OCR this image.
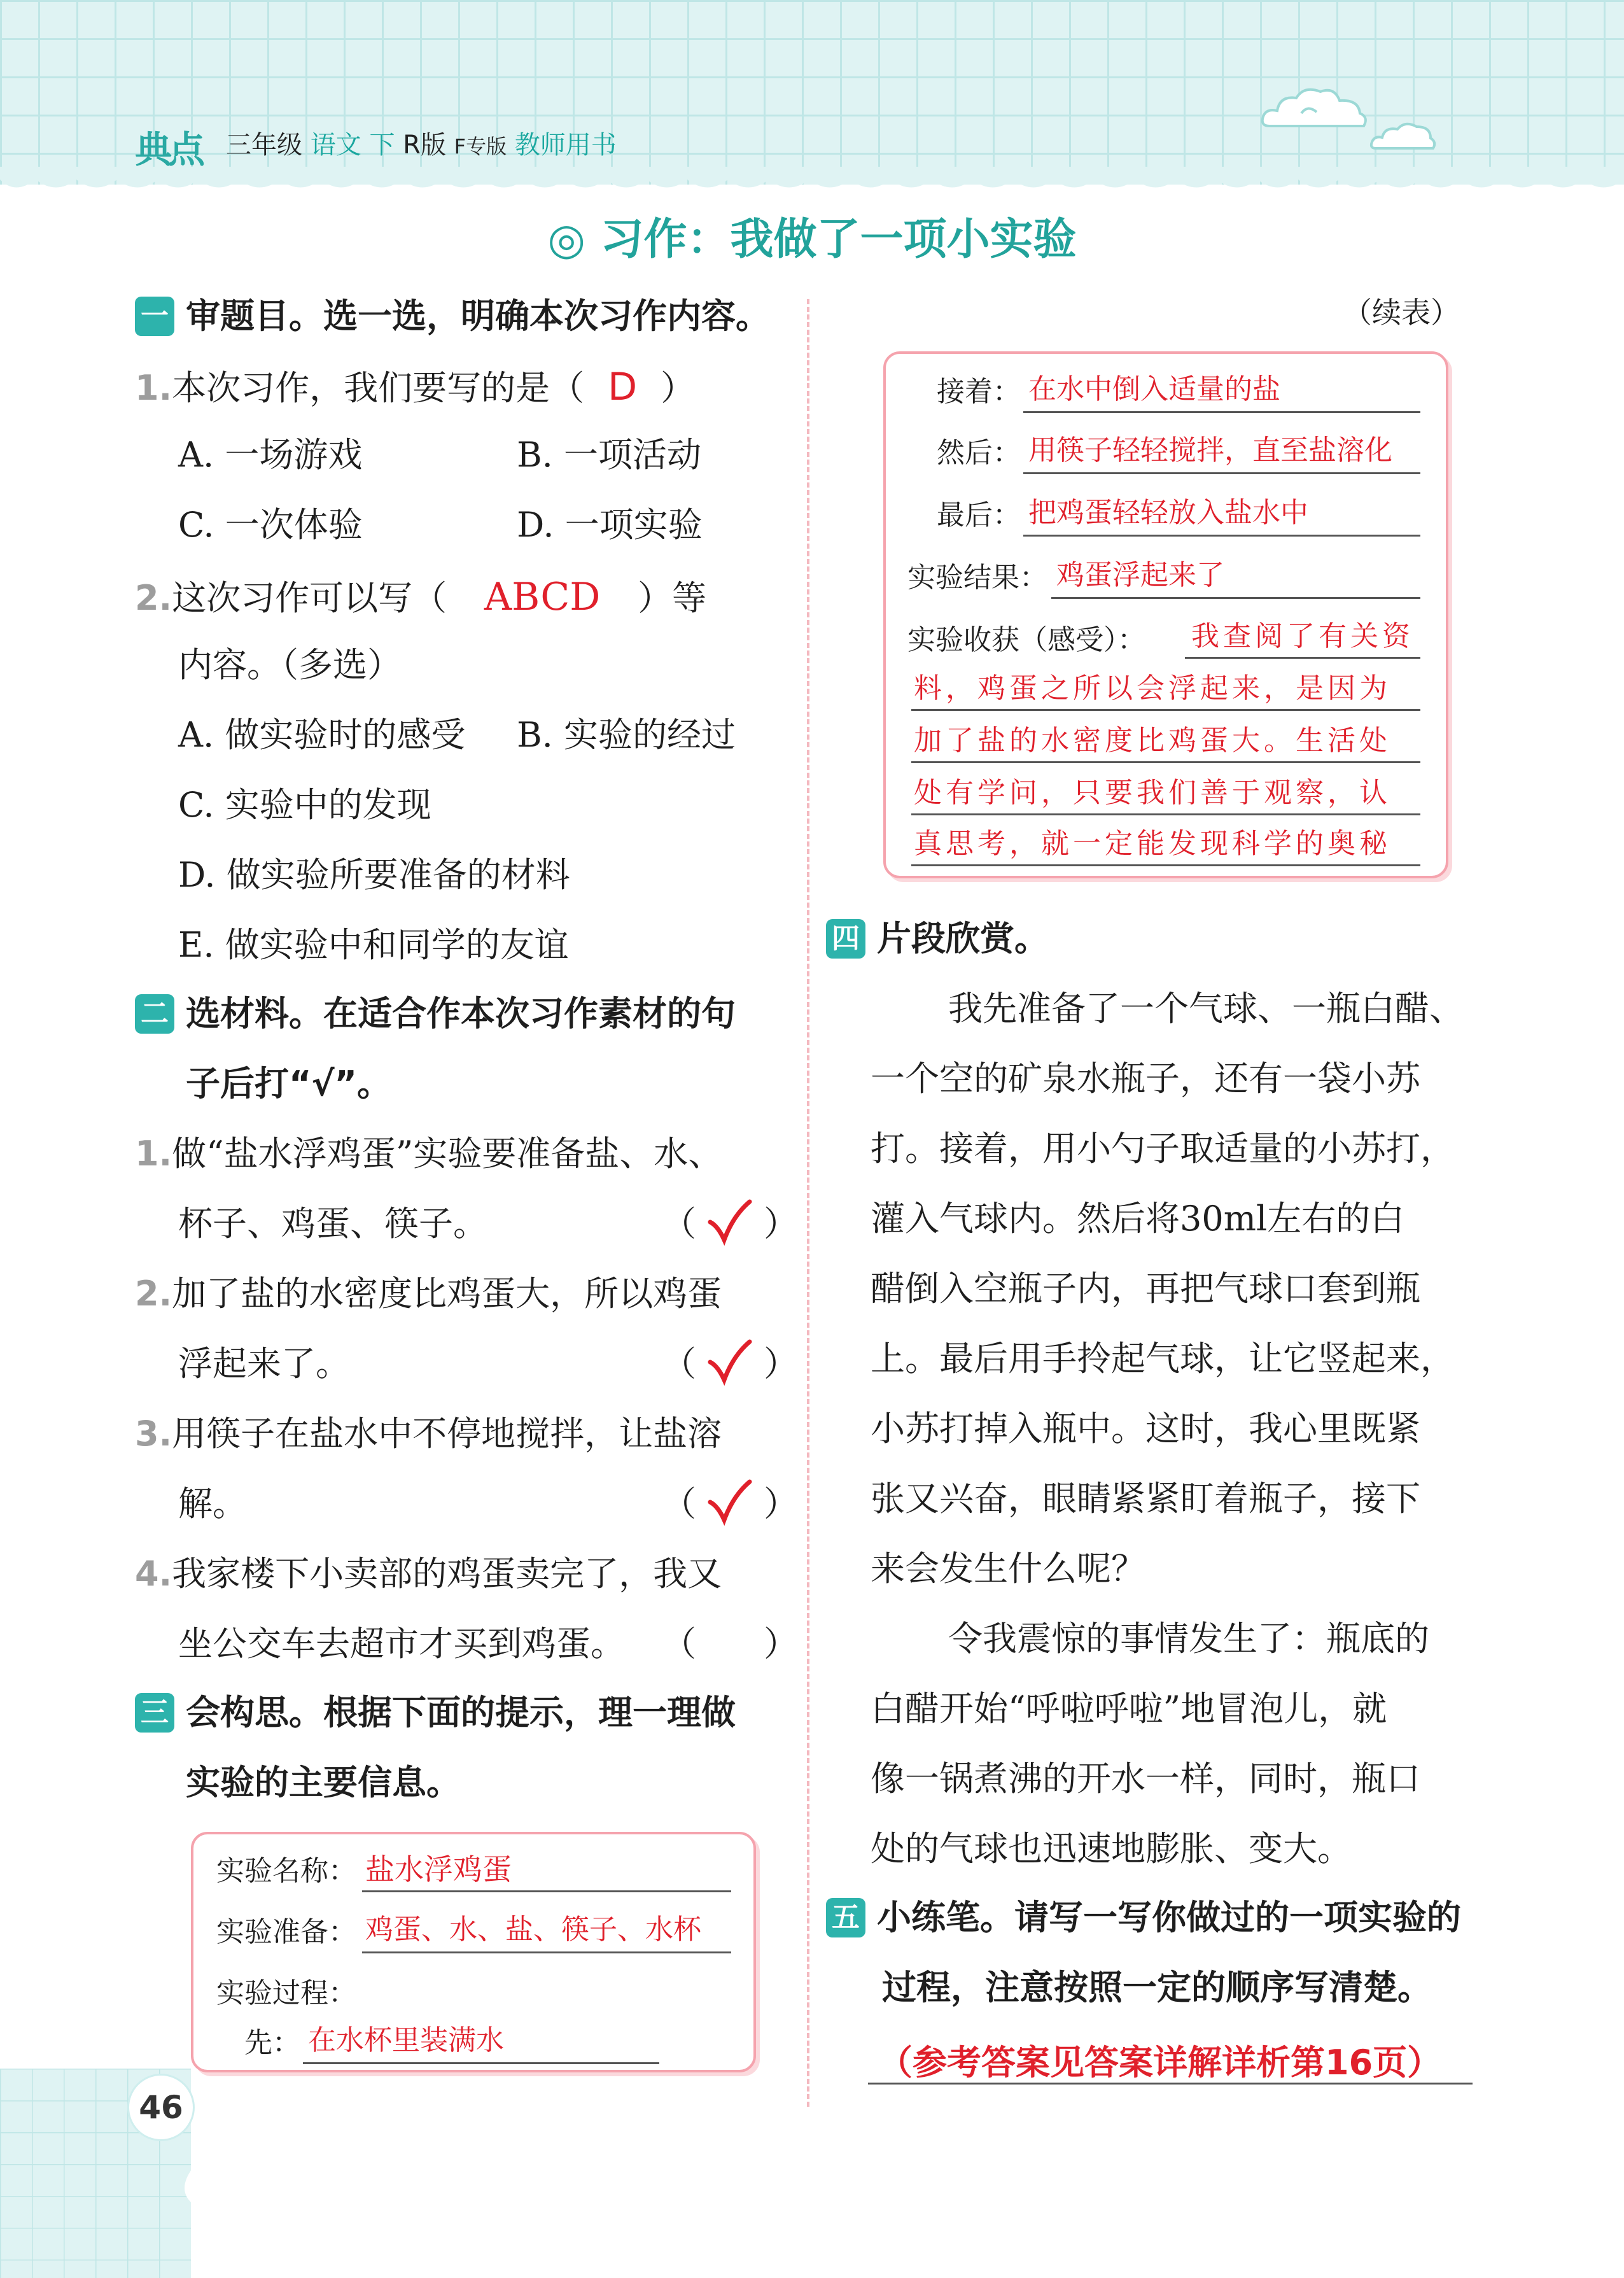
典点 三年级 语文 下 R版 F专版 教师用书
◎ 习作：我做了一项小实验
一 审题目。选一选，明确本次习作内容。
1.本次习作，我们要写的是（ D ）
A. 一场游戏	B. 一项活动
C. 一次体验	D. 一项实验
2.这次习作可以写（ ABCD ）等
内容。（多选）
A. 做实验时的感受 B. 实验的经过
C. 实验中的发现
D. 做实验所要准备的材料
E. 做实验中和同学的友谊
二 选材料。在适合作本次习作素材的句
子后打“√”。
1.做“盐水浮鸡蛋”实验要准备盐、水、
杯子、鸡蛋、筷子。	（ ）
2.加了盐的水密度比鸡蛋大，所以鸡蛋
浮起来了。	（ ）
3.用筷子在盐水中不停地搅拌，让盐溶
解。	（ ）
4.我家楼下小卖部的鸡蛋卖完了，我又
坐公交车去超市才买到鸡蛋。 （ ）
三 会构思。根据下面的提示，理一理做
实验的主要信息。
实验名称： 盐水浮鸡蛋
实验准备： 鸡蛋、水、盐、筷子、水杯
实验过程：
先： 在水杯里装满水
（续表）
接着： 在水中倒入适量的盐
然后： 用筷子轻轻搅拌，直至盐溶化
最后： 把鸡蛋轻轻放入盐水中
实验结果： 鸡蛋浮起来了
实验收获（感受）： 我查阅了有关资
料，鸡蛋之所以会浮起来，是因为
加了盐的水密度比鸡蛋大。生活处
处有学问，只要我们善于观察，认
真思考，就一定能发现科学的奥秘
四 片段欣赏。
我先准备了一个气球、一瓶白醋、
一个空的矿泉水瓶子，还有一袋小苏
打。接着，用小勺子取适量的小苏打，
灌入气球内。然后将30ml左右的白
醋倒入空瓶子内，再把气球口套到瓶
上。最后用手拎起气球，让它竖起来，
小苏打掉入瓶中。这时，我心里既紧
张又兴奋，眼睛紧紧盯着瓶子，接下
来会发生什么呢？
令我震惊的事情发生了：瓶底的
白醋开始“呼啦呼啦”地冒泡儿，就
像一锅煮沸的开水一样，同时，瓶口
处的气球也迅速地膨胀、变大。
五 小练笔。请写一写你做过的一项实验的
过程，注意按照一定的顺序写清楚。
（参考答案见答案详解详析第16页）
46
